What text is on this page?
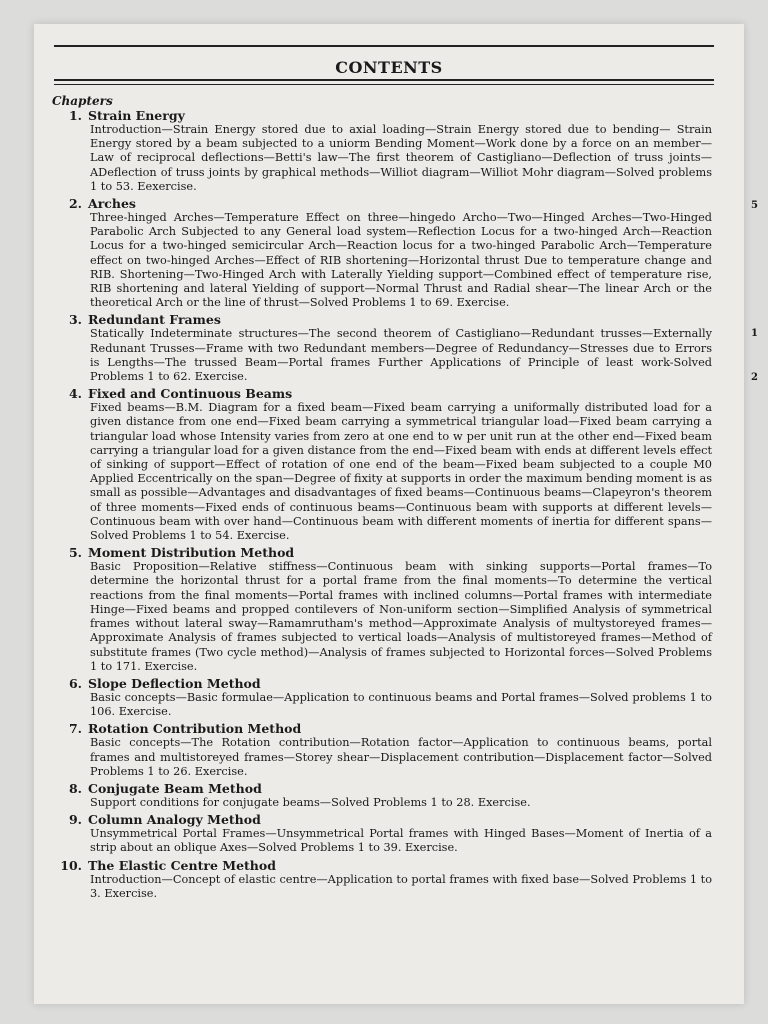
CONTENTS
Chapters
1. Strain Energy
Introduction—Strain Energy stored due to axial loading—Strain Energy stored due to bending— Strain Energy stored by a beam subjected to a uniorm Bending Moment—Work done by a force on an member—Law of reciprocal deflections—Betti's law—The first theorem of Castigliano—Deflection of truss joints—ADeflection of truss joints by graphical methods—Williot diagram—Williot Mohr diagram—Solved problems 1 to 53. Eexercise.
5
2. Arches
Three-hinged Arches—Temperature Effect on three—hingedo Archo—Two—Hinged Arches—Two-Hinged Parabolic Arch Subjected to any General load system—Reflection Locus for a two-hinged Arch—Reaction Locus for a two-hinged semicircular Arch—Reaction locus for a two-hinged Parabolic Arch—Temperature effect on two-hinged Arches—Effect of RIB shortening—Horizontal thrust Due to temperature change and RIB. Shortening—Two-Hinged Arch with Laterally Yielding support—Combined effect of temperature rise, RIB shortening and lateral Yielding of support—Normal Thrust and Radial shear—The linear Arch or the theoretical Arch or the line of thrust—Solved Problems 1 to 69. Exercise.
1
3. Redundant Frames
Statically Indeterminate structures—The second theorem of Castigliano—Redundant trusses—Externally Redunant Trusses—Frame with two Redundant members—Degree of Redundancy—Stresses due to Errors is Lengths—The trussed Beam—Portal frames Further Applications of Principle of least work-Solved Problems 1 to 62. Exercise.
4. Fixed and Continuous Beams
Fixed beams—B.M. Diagram for a fixed beam—Fixed beam carrying a uniformally distributed load for a given distance from one end—Fixed beam carrying a symmetrical triangular load—Fixed beam carrying a triangular load whose Intensity varies from zero at one end to w per unit run at the other end—Fixed beam carrying a triangular load for a given distance from the end—Fixed beam with ends at different levels effect of sinking of support—Effect of rotation of one end of the beam—Fixed beam subjected to a couple M0 Applied Eccentrically on the span—Degree of fixity at supports in order the maximum bending moment is as small as possible—Advantages and disadvantages of fixed beams—Continuous beams—Clapeyron's theorem of three moments—Fixed ends of continuous beams—Continuous beam with supports at different levels—Continuous beam with over hand—Continuous beam with different moments of inertia for different spans—Solved Problems 1 to 54. Exercise.
2
5. Moment Distribution Method
Basic Proposition—Relative stiffness—Continuous beam with sinking supports—Portal frames—To determine the horizontal thrust for a portal frame from the final moments—To determine the vertical reactions from the final moments—Portal frames with inclined columns—Portal frames with intermediate Hinge—Fixed beams and propped contilevers of Non-uniform section—Simplified Analysis of symmetrical frames without lateral sway—Ramamrutham's method—Approximate Analysis of multystoreyed frames—Approximate Analysis of frames subjected to vertical loads—Analysis of multistoreyed frames—Method of substitute frames (Two cycle method)—Analysis of frames subjected to Horizontal forces—Solved Problems 1 to 171. Exercise.
6. Slope Deflection Method
Basic concepts—Basic formulae—Application to continuous beams and Portal frames—Solved problems 1 to 106. Exercise.
7. Rotation Contribution Method
Basic concepts—The Rotation contribution—Rotation factor—Application to continuous beams, portal frames and multistoreyed frames—Storey shear—Displacement contribution—Displacement factor—Solved Problems 1 to 26. Exercise.
8. Conjugate Beam Method
Support conditions for conjugate beams—Solved Problems 1 to 28. Exercise.
9. Column Analogy Method
Unsymmetrical Portal Frames—Unsymmetrical Portal frames with Hinged Bases—Moment of Inertia of a strip about an oblique Axes—Solved Problems 1 to 39. Exercise.
10. The Elastic Centre Method
Introduction—Concept of elastic centre—Application to portal frames with fixed base—Solved Problems 1 to 3. Exercise.
